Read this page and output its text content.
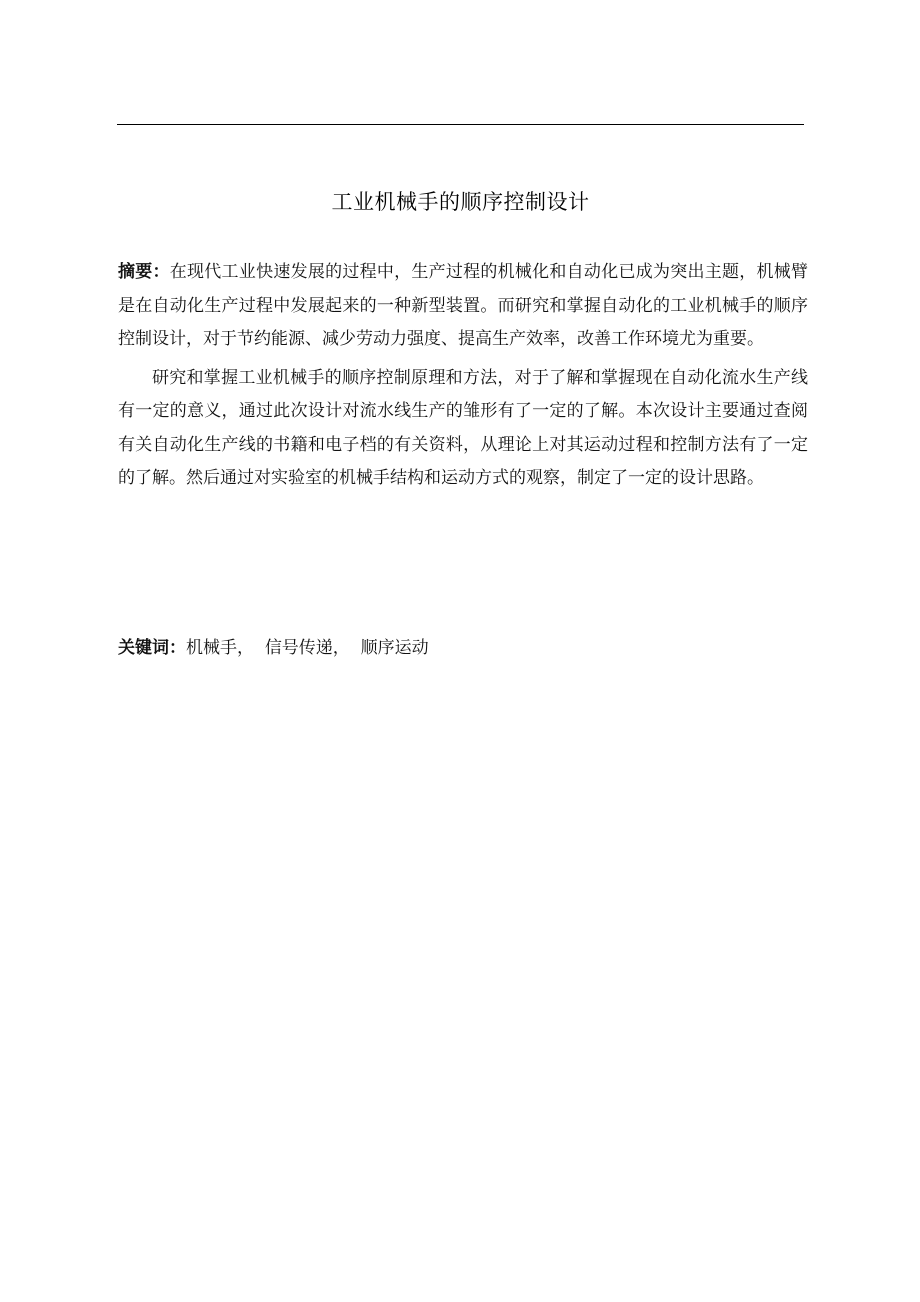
工业机械手的顺序控制设计

摘要：在现代工业快速发展的过程中，生产过程的机械化和自动化已成为突出主题，机械臂是在自动化生产过程中发展起来的一种新型装置。而研究和掌握自动化的工业机械手的顺序控制设计，对于节约能源、减少劳动力强度、提高生产效率，改善工作环境尤为重要。

研究和掌握工业机械手的顺序控制原理和方法，对于了解和掌握现在自动化流水生产线有一定的意义，通过此次设计对流水线生产的雏形有了一定的了解。本次设计主要通过查阅有关自动化生产线的书籍和电子档的有关资料，从理论上对其运动过程和控制方法有了一定的了解。然后通过对实验室的机械手结构和运动方式的观察，制定了一定的设计思路。

关键词：机械手， 信号传递， 顺序运动
